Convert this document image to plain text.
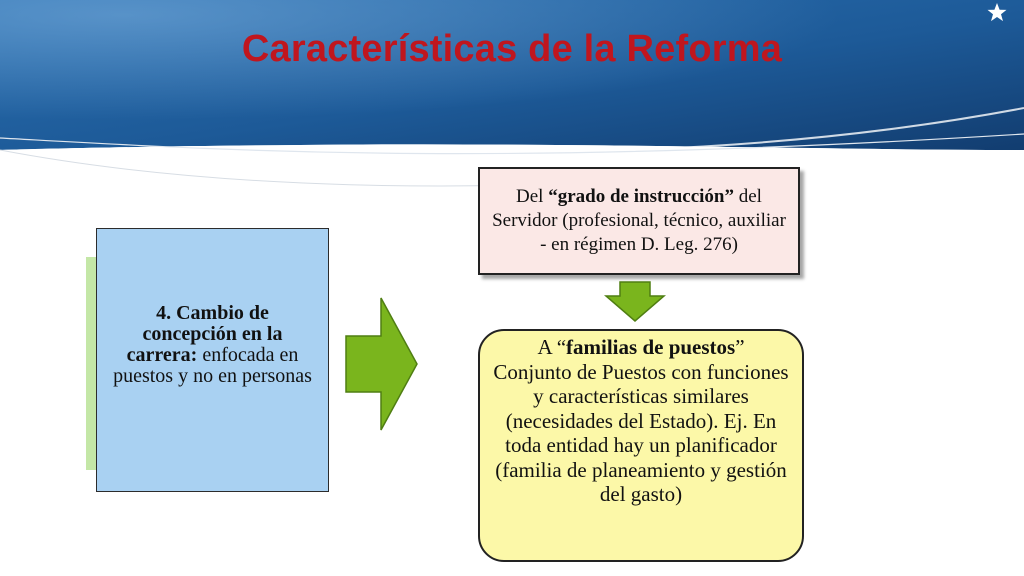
Características de la Reforma
4. Cambio de concepción en la carrera: enfocada en puestos y no en personas
Del “grado de instrucción” del Servidor (profesional, técnico, auxiliar - en régimen D. Leg. 276)
A “familias de puestos”
Conjunto de Puestos con funciones y características similares (necesidades del Estado). Ej. En toda entidad hay un planificador (familia de planeamiento y gestión del gasto)
